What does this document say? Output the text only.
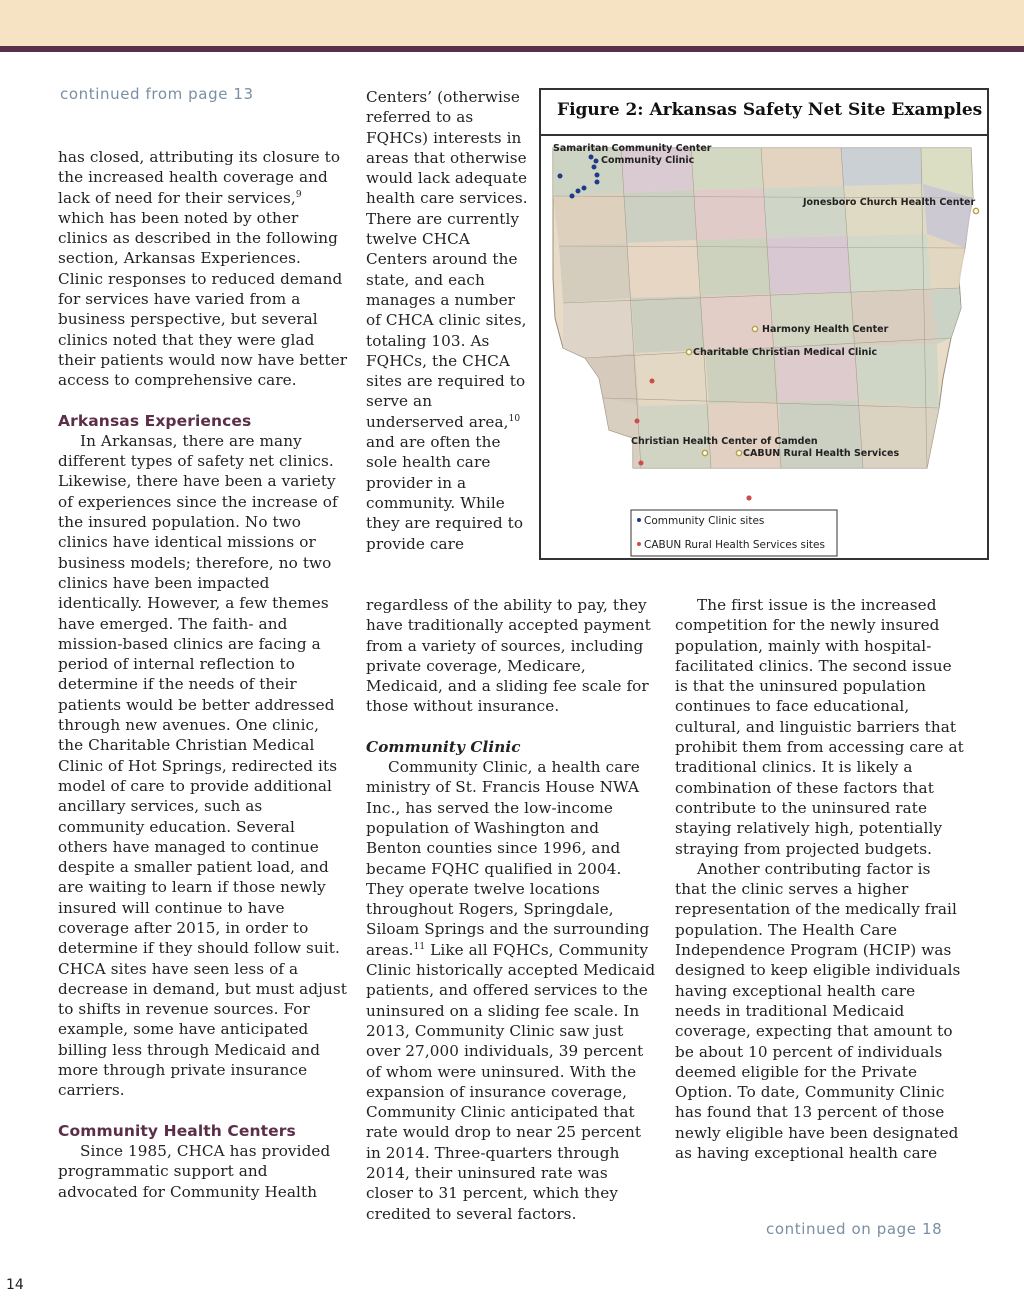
continued from page 13

has closed, attributing its closure to the increased health coverage and lack of need for their services,$^9$ which has been noted by other clinics as described in the following section, Arkansas Experiences. Clinic responses to reduced demand for services have varied from a business perspective, but several clinics noted that they were glad their patients would now have better access to comprehensive care.

Arkansas Experiences

In Arkansas, there are many different types of safety net clinics. Likewise, there have been a variety of experiences since the increase of the insured population. No two clinics have identical missions or business models; therefore, no two clinics have been impacted identically. However, a few themes have emerged. The faith- and mission-based clinics are facing a period of internal reflection to determine if the needs of their patients would be better addressed through new avenues. One clinic, the Charitable Christian Medical Clinic of Hot Springs, redirected its model of care to provide additional ancillary services, such as community education. Several others have managed to continue despite a smaller patient load, and are waiting to learn if those newly insured will continue to have coverage after 2015, in order to determine if they should follow suit. CHCA sites have seen less of a decrease in demand, but must adjust to shifts in revenue sources. For example, some have anticipated billing less through Medicaid and more through private insurance carriers.

Community Health Centers

Since 1985, CHCA has provided programmatic support and advocated for Community Health

Centers’ (otherwise referred to as FQHCs) interests in areas that otherwise would lack adequate health care services. There are currently twelve CHCA Centers around the state, and each manages a number of CHCA clinic sites, totaling 103. As FQHCs, the CHCA sites are required to serve an underserved area,$^{10}$ and are often the sole health care provider in a community. While they are required to provide care

regardless of the ability to pay, they have traditionally accepted payment from a variety of sources, including private coverage, Medicare, Medicaid, and a sliding fee scale for those without insurance.

Community Clinic

Community Clinic, a health care ministry of St. Francis House NWA Inc., has served the low-income population of Washington and Benton counties since 1996, and became FQHC qualified in 2004. They operate twelve locations throughout Rogers, Springdale, Siloam Springs and the surrounding areas.$^{11}$ Like all FQHCs, Community Clinic historically accepted Medicaid patients, and offered services to the uninsured on a sliding fee scale. In 2013, Community Clinic saw just over 27,000 individuals, 39 percent of whom were uninsured. With the expansion of insurance coverage, Community Clinic anticipated that rate would drop to near 25 percent in 2014. Three-quarters through 2014, their uninsured rate was closer to 31 percent, which they credited to several factors.

The first issue is the increased competition for the newly insured population, mainly with hospital-facilitated clinics. The second issue is that the uninsured population continues to face educational, cultural, and linguistic barriers that prohibit them from accessing care at traditional clinics. It is likely a combination of these factors that contribute to the uninsured rate staying relatively high, potentially straying from projected budgets.

Another contributing factor is that the clinic serves a higher representation of the medically frail population. The Health Care Independence Program (HCIP) was designed to keep eligible individuals having exceptional health care needs in traditional Medicaid coverage, expecting that amount to be about 10 percent of individuals deemed eligible for the Private Option. To date, Community Clinic has found that 13 percent of those newly eligible have been designated as having exceptional health care

continued on page 18
14
Figure 2: Arkansas Safety Net Site Examples
Samaritan Community Center
Community Clinic
Jonesboro Church Health Center
Harmony Health Center
Charitable Christian Medical Clinic
Christian Health Center of Camden
CABUN Rural Health Services
Community Clinic sites
CABUN Rural Health Services sites
